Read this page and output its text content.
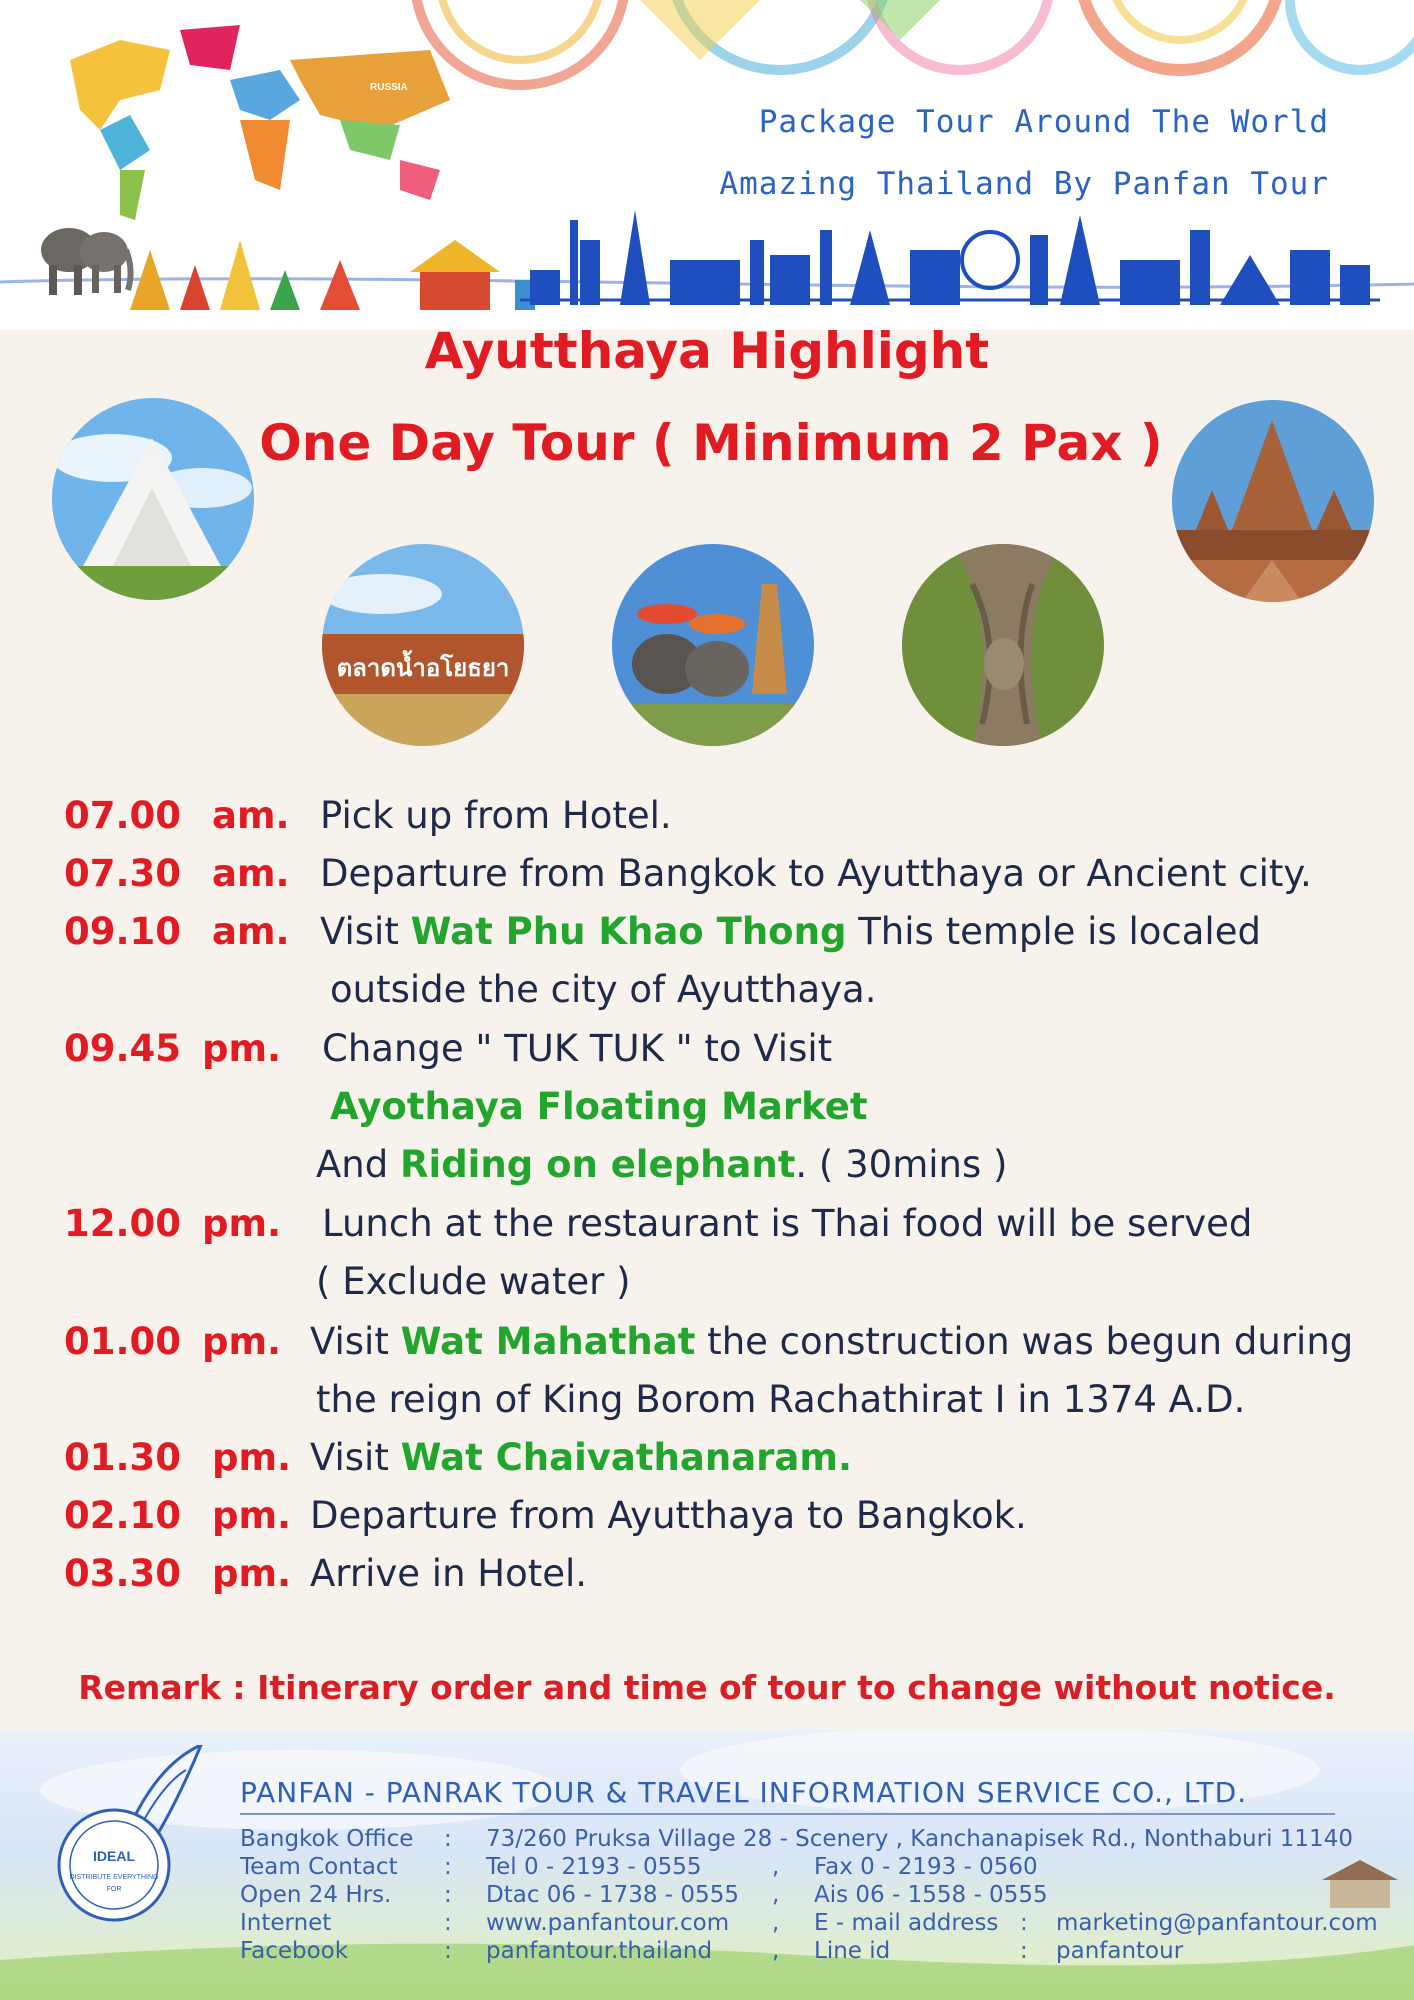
RUSSIA
Package Tour Around The World
Amazing Thailand By Panfan Tour
Ayutthaya Highlight
One Day Tour ( Minimum 2 Pax )
ตลาดน้ำอโยธยา
07.00 am. Pick up from Hotel.
07.30 am. Departure from Bangkok to Ayutthaya or Ancient city.
09.10 am. Visit Wat Phu Khao Thong This temple is localed
outside the city of Ayutthaya.
09.45 pm. Change " TUK TUK " to Visit
Ayothaya Floating Market
And Riding on elephant. ( 30mins )
12.00 pm. Lunch at the restaurant is Thai food will be served
( Exclude water )
01.00 pm. Visit Wat Mahathat the construction was begun during
the reign of King Borom Rachathirat I in 1374 A.D.
01.30 pm. Visit Wat Chaivathanaram.
02.10 pm. Departure from Ayutthaya to Bangkok.
03.30 pm. Arrive in Hotel.
Remark : Itinerary order and time of tour to change without notice.
IDEAL
DISTRIBUTE EVERYTHING
FOR
PANFAN - PANRAK TOUR & TRAVEL INFORMATION SERVICE CO., LTD.
Bangkok Office : 73/260 Pruksa Village 28 - Scenery , Kanchanapisek Rd., Nonthaburi 11140
Team Contact : Tel 0 - 2193 - 0555	, Fax 0 - 2193 - 0560
Open 24 Hrs. : Dtac 06 - 1738 - 0555 , Ais 06 - 1558 - 0555
Internet	: www.panfantour.com , E - mail address : marketing@panfantour.com
Facebook	: panfantour.thailand	, Line id	: panfantour
